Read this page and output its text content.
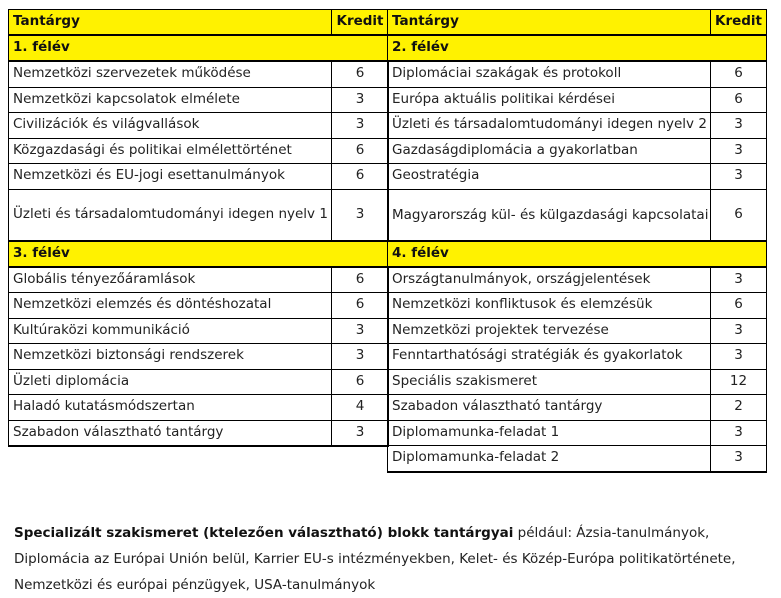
Tantárgy	Kredit
1. félév	
Nemzetközi szervezetek működése	6
Nemzetközi kapcsolatok elmélete	3
Civilizációk és világvallások	3
Közgazdasági és politikai elmélettörténet	6
Nemzetközi és EU-jogi esettanulmányok	6
Üzleti és társadalomtudományi idegen nyelv 1	3
3. félév	
Globális tényezőáramlások	6
Nemzetközi elemzés és döntéshozatal	6
Kultúraközi kommunikáció	3
Nemzetközi biztonsági rendszerek	3
Üzleti diplomácia	6
Haladó kutatásmódszertan	4
Szabadon választható tantárgy	3
Tantárgy	Kredit
2. félév	
Diplomáciai szakágak és protokoll	6
Európa aktuális politikai kérdései	6
Üzleti és társadalomtudományi idegen nyelv 2	3
Gazdaságdiplomácia a gyakorlatban	3
Geostratégia	3
Magyarország kül- és külgazdasági kapcsolatai	6
4. félév	
Országtanulmányok, országjelentések	3
Nemzetközi konfliktusok és elemzésük	6
Nemzetközi projektek tervezése	3
Fenntarthatósági stratégiák és gyakorlatok	3
Speciális szakismeret	12
Szabadon választható tantárgy	2
Diplomamunka-feladat 1	3
Diplomamunka-feladat 2	3

Specializált szakismeret (ktelezően választható) blokk tantárgyai például: Ázsia-tanulmányok, Diplomácia az Európai Unión belül, Karrier EU-s intézményekben, Kelet- és Közép-Európa politikatörténete, Nemzetközi és európai pénzügyek, USA-tanulmányok
